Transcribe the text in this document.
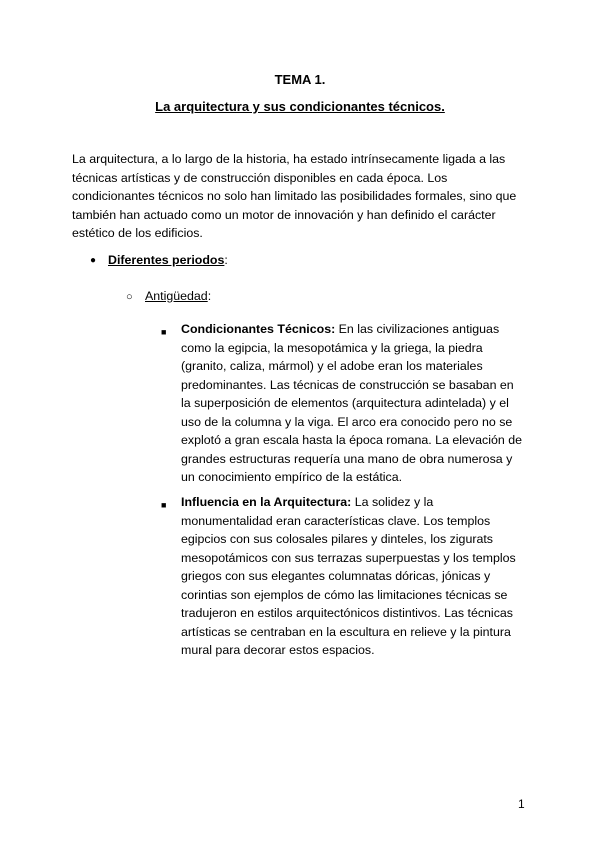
TEMA 1.
La arquitectura y sus condicionantes técnicos.

La arquitectura, a lo largo de la historia, ha estado intrínsecamente ligada a las técnicas artísticas y de construcción disponibles en cada época. Los condicionantes técnicos no solo han limitado las posibilidades formales, sino que también han actuado como un motor de innovación y han definido el carácter estético de los edificios.

● Diferentes periodos:
○ Antigüedad:
■ Condicionantes Técnicos: En las civilizaciones antiguas como la egipcia, la mesopotámica y la griega, la piedra (granito, caliza, mármol) y el adobe eran los materiales predominantes. Las técnicas de construcción se basaban en la superposición de elementos (arquitectura adintelada) y el uso de la columna y la viga. El arco era conocido pero no se explotó a gran escala hasta la época romana. La elevación de grandes estructuras requería una mano de obra numerosa y un conocimiento empírico de la estática.

■ Influencia en la Arquitectura: La solidez y la monumentalidad eran características clave. Los templos egipcios con sus colosales pilares y dinteles, los zigurats mesopotámicos con sus terrazas superpuestas y los templos griegos con sus elegantes columnatas dóricas, jónicas y corintias son ejemplos de cómo las limitaciones técnicas se tradujeron en estilos arquitectónicos distintivos. Las técnicas artísticas se centraban en la escultura en relieve y la pintura mural para decorar estos espacios.

1
